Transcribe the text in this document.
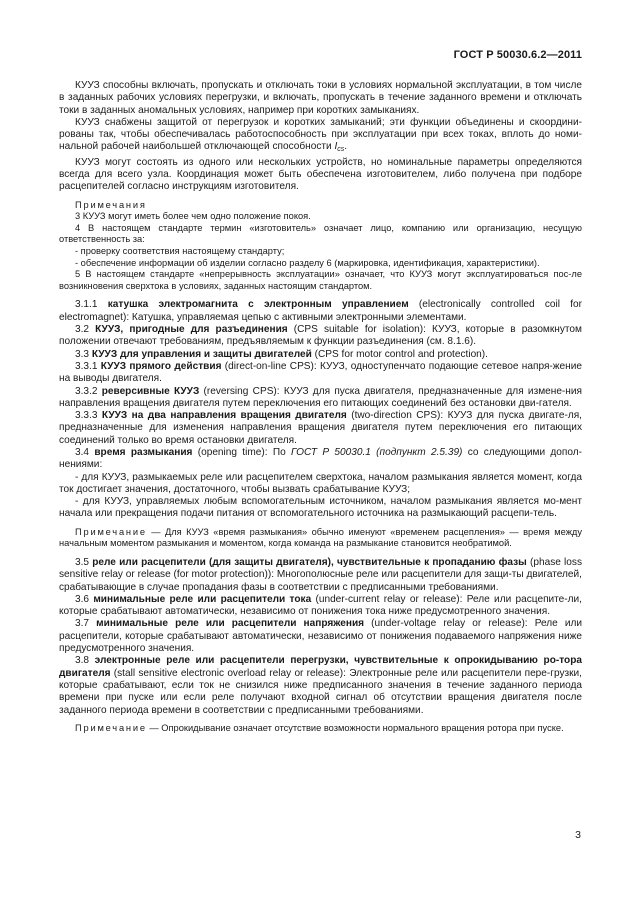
ГОСТ Р 50030.6.2—2011

КУУЗ способны включать, пропускать и отключать токи в условиях нормальной эксплуатации, в том числе в заданных рабочих условиях перегрузки, и включать, пропускать в течение заданного времени и отключать токи в заданных аномальных условиях, например при коротких замыканиях.

КУУЗ снабжены защитой от перегрузок и коротких замыканий; эти функции объединены и скоордини-рованы так, чтобы обеспечивалась работоспособность при эксплуатации при всех токах, вплоть до номи-нальной рабочей наибольшей отключающей способности $I_{cs}$.

КУУЗ могут состоять из одного или нескольких устройств, но номинальные параметры определяются всегда для всего узла. Координация может быть обеспечена изготовителем, либо получена при подборе расцепителей согласно инструкциям изготовителя.

Примечания

3 КУУЗ могут иметь более чем одно положение покоя.

4 В настоящем стандарте термин «изготовитель» означает лицо, компанию или организацию, несущую ответственность за:

- проверку соответствия настоящему стандарту;

- обеспечение информации об изделии согласно разделу 6 (маркировка, идентификация, характеристики).

5 В настоящем стандарте «непрерывность эксплуатации» означает, что КУУЗ могут эксплуатироваться пос-ле возникновения сверхтока в условиях, заданных настоящим стандартом.

3.1.1 катушка электромагнита с электронным управлением (electronically controlled coil for electromagnet): Катушка, управляемая цепью с активными электронными элементами.

3.2 КУУЗ, пригодные для разъединения (CPS suitable for isolation): КУУЗ, которые в разомкнутом положении отвечают требованиям, предъявляемым к функции разъединения (см. 8.1.6).

3.3 КУУЗ для управления и защиты двигателей (CPS for motor control and protection).

3.3.1 КУУЗ прямого действия (direct-on-line CPS): КУУЗ, одноступенчато подающие сетевое напря-жение на выводы двигателя.

3.3.2 реверсивные КУУЗ (reversing CPS): КУУЗ для пуска двигателя, предназначенные для измене-ния направления вращения двигателя путем переключения его питающих соединений без остановки дви-гателя.

3.3.3 КУУЗ на два направления вращения двигателя (two-direction CPS): КУУЗ для пуска двигате-ля, предназначенные для изменения направления вращения двигателя путем переключения его питающих соединений только во время остановки двигателя.

3.4 время размыкания (opening time): По ГОСТ Р 50030.1 (подпункт 2.5.39) со следующими допол-нениями:

- для КУУЗ, размыкаемых реле или расцепителем сверхтока, началом размыкания является момент, когда ток достигает значения, достаточного, чтобы вызвать срабатывание КУУЗ;

- для КУУЗ, управляемых любым вспомогательным источником, началом размыкания является мо-мент начала или прекращения подачи питания от вспомогательного источника на размыкающий расцепи-тель.

Примечание — Для КУУЗ «время размыкания» обычно именуют «временем расцепления» — время между начальным моментом размыкания и моментом, когда команда на размыкание становится необратимой.

3.5 реле или расцепители (для защиты двигателя), чувствительные к пропаданию фазы (phase loss sensitive relay or release (for motor protection)): Многополюсные реле или расцепители для защи-ты двигателей, срабатывающие в случае пропадания фазы в соответствии с предписанными требованиями.

3.6 минимальные реле или расцепители тока (under-current relay or release): Реле или расцепите-ли, которые срабатывают автоматически, независимо от понижения тока ниже предусмотренного значения.

3.7 минимальные реле или расцепители напряжения (under-voltage relay or release): Реле или расцепители, которые срабатывают автоматически, независимо от понижения подаваемого напряжения ниже предусмотренного значения.

3.8 электронные реле или расцепители перегрузки, чувствительные к опрокидыванию ро-тора двигателя (stall sensitive electronic overload relay or release): Электронные реле или расцепители пере-грузки, которые срабатывают, если ток не снизился ниже предписанного значения в течение заданного периода времени при пуске или если реле получают входной сигнал об отсутствии вращения двигателя после заданного периода времени в соответствии с предписанными требованиями.

Примечание — Опрокидывание означает отсутствие возможности нормального вращения ротора при пуске.

3
